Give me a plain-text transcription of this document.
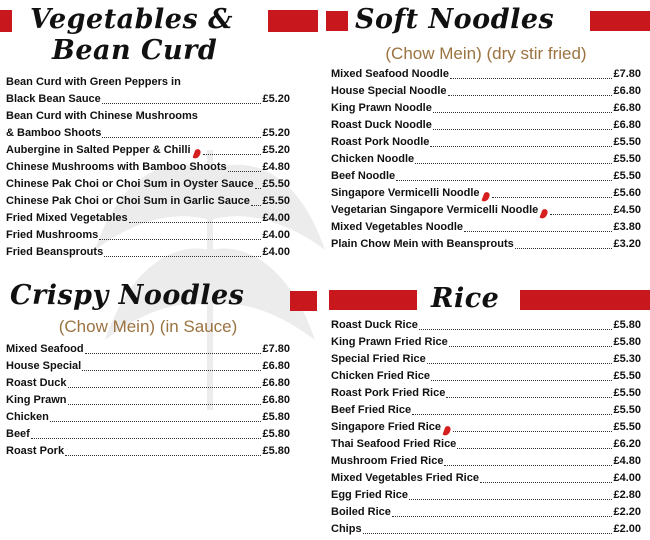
Vegetables &
Bean Curd
Bean Curd with Green Peppers in
Black Bean Sauce	£5.20
Bean Curd with Chinese Mushrooms
& Bamboo Shoots	£5.20
Aubergine in Salted Pepper & Chilli	£5.20
Chinese Mushrooms with Bamboo Shoots	£4.80
Chinese Pak Choi or Choi Sum in Oyster Sauce £5.50
Chinese Pak Choi or Choi Sum in Garlic Sauce £5.50
Fried Mixed Vegetables	£4.00
Fried Mushrooms	£4.00
Fried Beansprouts	£4.00
Crispy Noodles
(Chow Mein) (in Sauce)
Mixed Seafood	£7.80
House Special	£6.80
Roast Duck	£6.80
King Prawn	£6.80
Chicken	£5.80
Beef	£5.80
Roast Pork	£5.80
Soft Noodles
(Chow Mein) (dry stir fried)
Mixed Seafood Noodle	£7.80
House Special Noodle	£6.80
King Prawn Noodle	£6.80
Roast Duck Noodle	£6.80
Roast Pork Noodle	£5.50
Chicken Noodle	£5.50
Beef Noodle	£5.50
Singapore Vermicelli Noodle	£5.60
Vegetarian Singapore Vermicelli Noodle	£4.50
Mixed Vegetables Noodle	£3.80
Plain Chow Mein with Beansprouts	£3.20
Rice
Roast Duck Rice	£5.80
King Prawn Fried Rice	£5.80
Special Fried Rice	£5.30
Chicken Fried Rice	£5.50
Roast Pork Fried Rice	£5.50
Beef Fried Rice	£5.50
Singapore Fried Rice	£5.50
Thai Seafood Fried Rice	£6.20
Mushroom Fried Rice	£4.80
Mixed Vegetables Fried Rice	£4.00
Egg Fried Rice	£2.80
Boiled Rice	£2.20
Chips	£2.00
